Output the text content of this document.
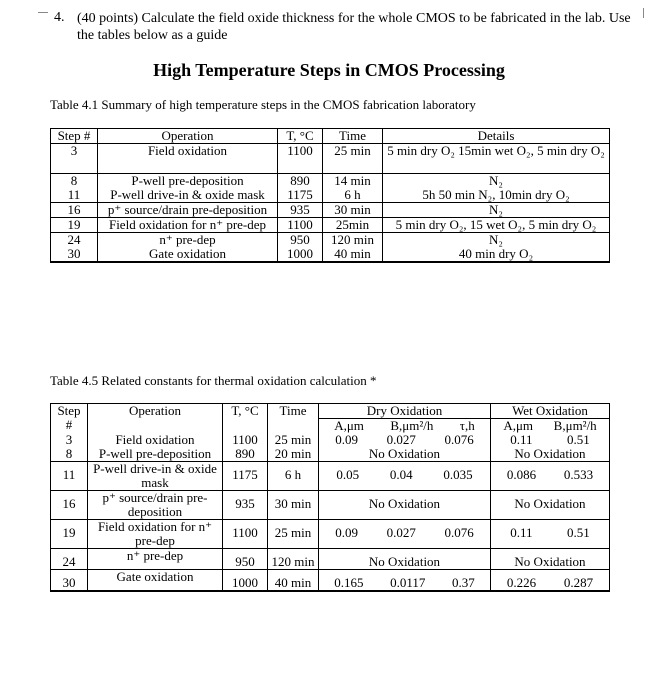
4. (40 points) Calculate the field oxide thickness for the whole CMOS to be fabricated in the lab. Use the tables below as a guide
High Temperature Steps in CMOS Processing
Table 4.1 Summary of high temperature steps in the CMOS fabrication laboratory
Step #	Operation	T, °C	Time	Details
3	Field oxidation	1100	25 min	5 min dry O₂ 15min wet O₂, 5 min dry O₂
8	P-well pre-deposition	890	14 min	N₂
11	P-well drive-in & oxide mask	1175	6 h	5h 50 min N₂, 10min dry O₂
16	p⁺ source/drain pre-deposition	935	30 min	N₂
19	Field oxidation for n⁺ pre-dep	1100	25min	5 min dry O₂, 15 wet O₂, 5 min dry O₂
24	n⁺ pre-dep	950	120 min	N₂
30	Gate oxidation	1000	40 min	40 min dry O₂
Table 4.5 Related constants for thermal oxidation calculation *
Step #	Operation	T, °C	Time	Dry Oxidation	Wet Oxidation

				A,μm B,μm²/h τ,h	A,μm B,μm²/h

3	Field oxidation	1100	25 min	0.09 0.027 0.076	0.11 0.51

8	P-well pre-deposition	890	20 min	No Oxidation	No Oxidation
11	P-well drive-in & oxide mask	1175	6 h	0.05 0.04 0.035	0.086 0.533

16	p⁺ source/drain pre-deposition	935	30 min	No Oxidation	No Oxidation
19	Field oxidation for n⁺ pre-dep	1100	25 min	0.09 0.027 0.076	0.11 0.51

24	n⁺ pre-dep	950	120 min	No Oxidation	No Oxidation
30	Gate oxidation	1000	40 min	0.165 0.0117 0.37	0.226 0.287
